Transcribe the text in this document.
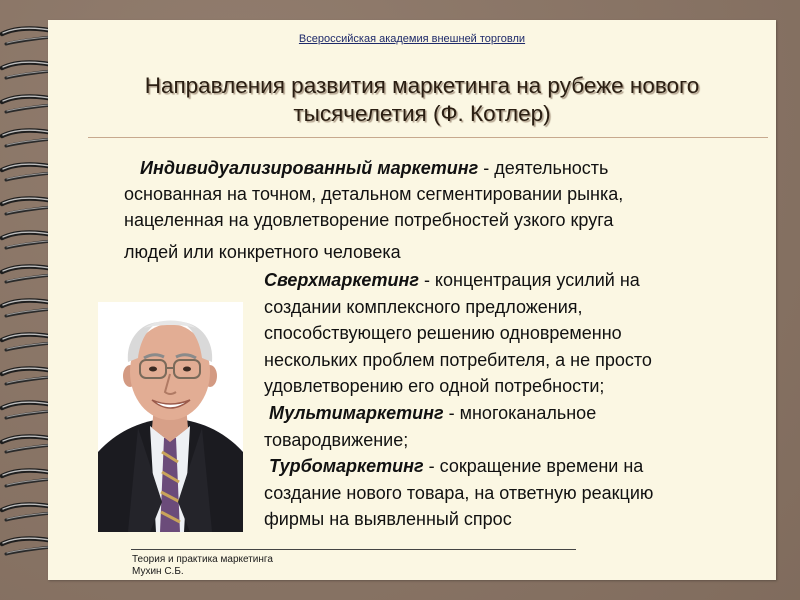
Всероссийская академия внешней торговли
Направления развития маркетинга на рубеже нового
тысячелетия (Ф. Котлер)
Индивидуализированный маркетинг - деятельность
основанная на точном, детальном сегментировании рынка,
нацеленная на удовлетворение потребностей узкого круга
людей или конкретного человека
Сверхмаркетинг - концентрация усилий на
создании комплексного предложения,
способствующего решению одновременно
нескольких проблем потребителя, а не просто
удовлетворению его одной потребности;
Мультимаркетинг - многоканальное
товародвижение;
Турбомаркетинг - сокращение времени на
создание нового товара, на ответную реакцию
фирмы на выявленный спрос
Теория и практика маркетинга
Мухин С.Б.
